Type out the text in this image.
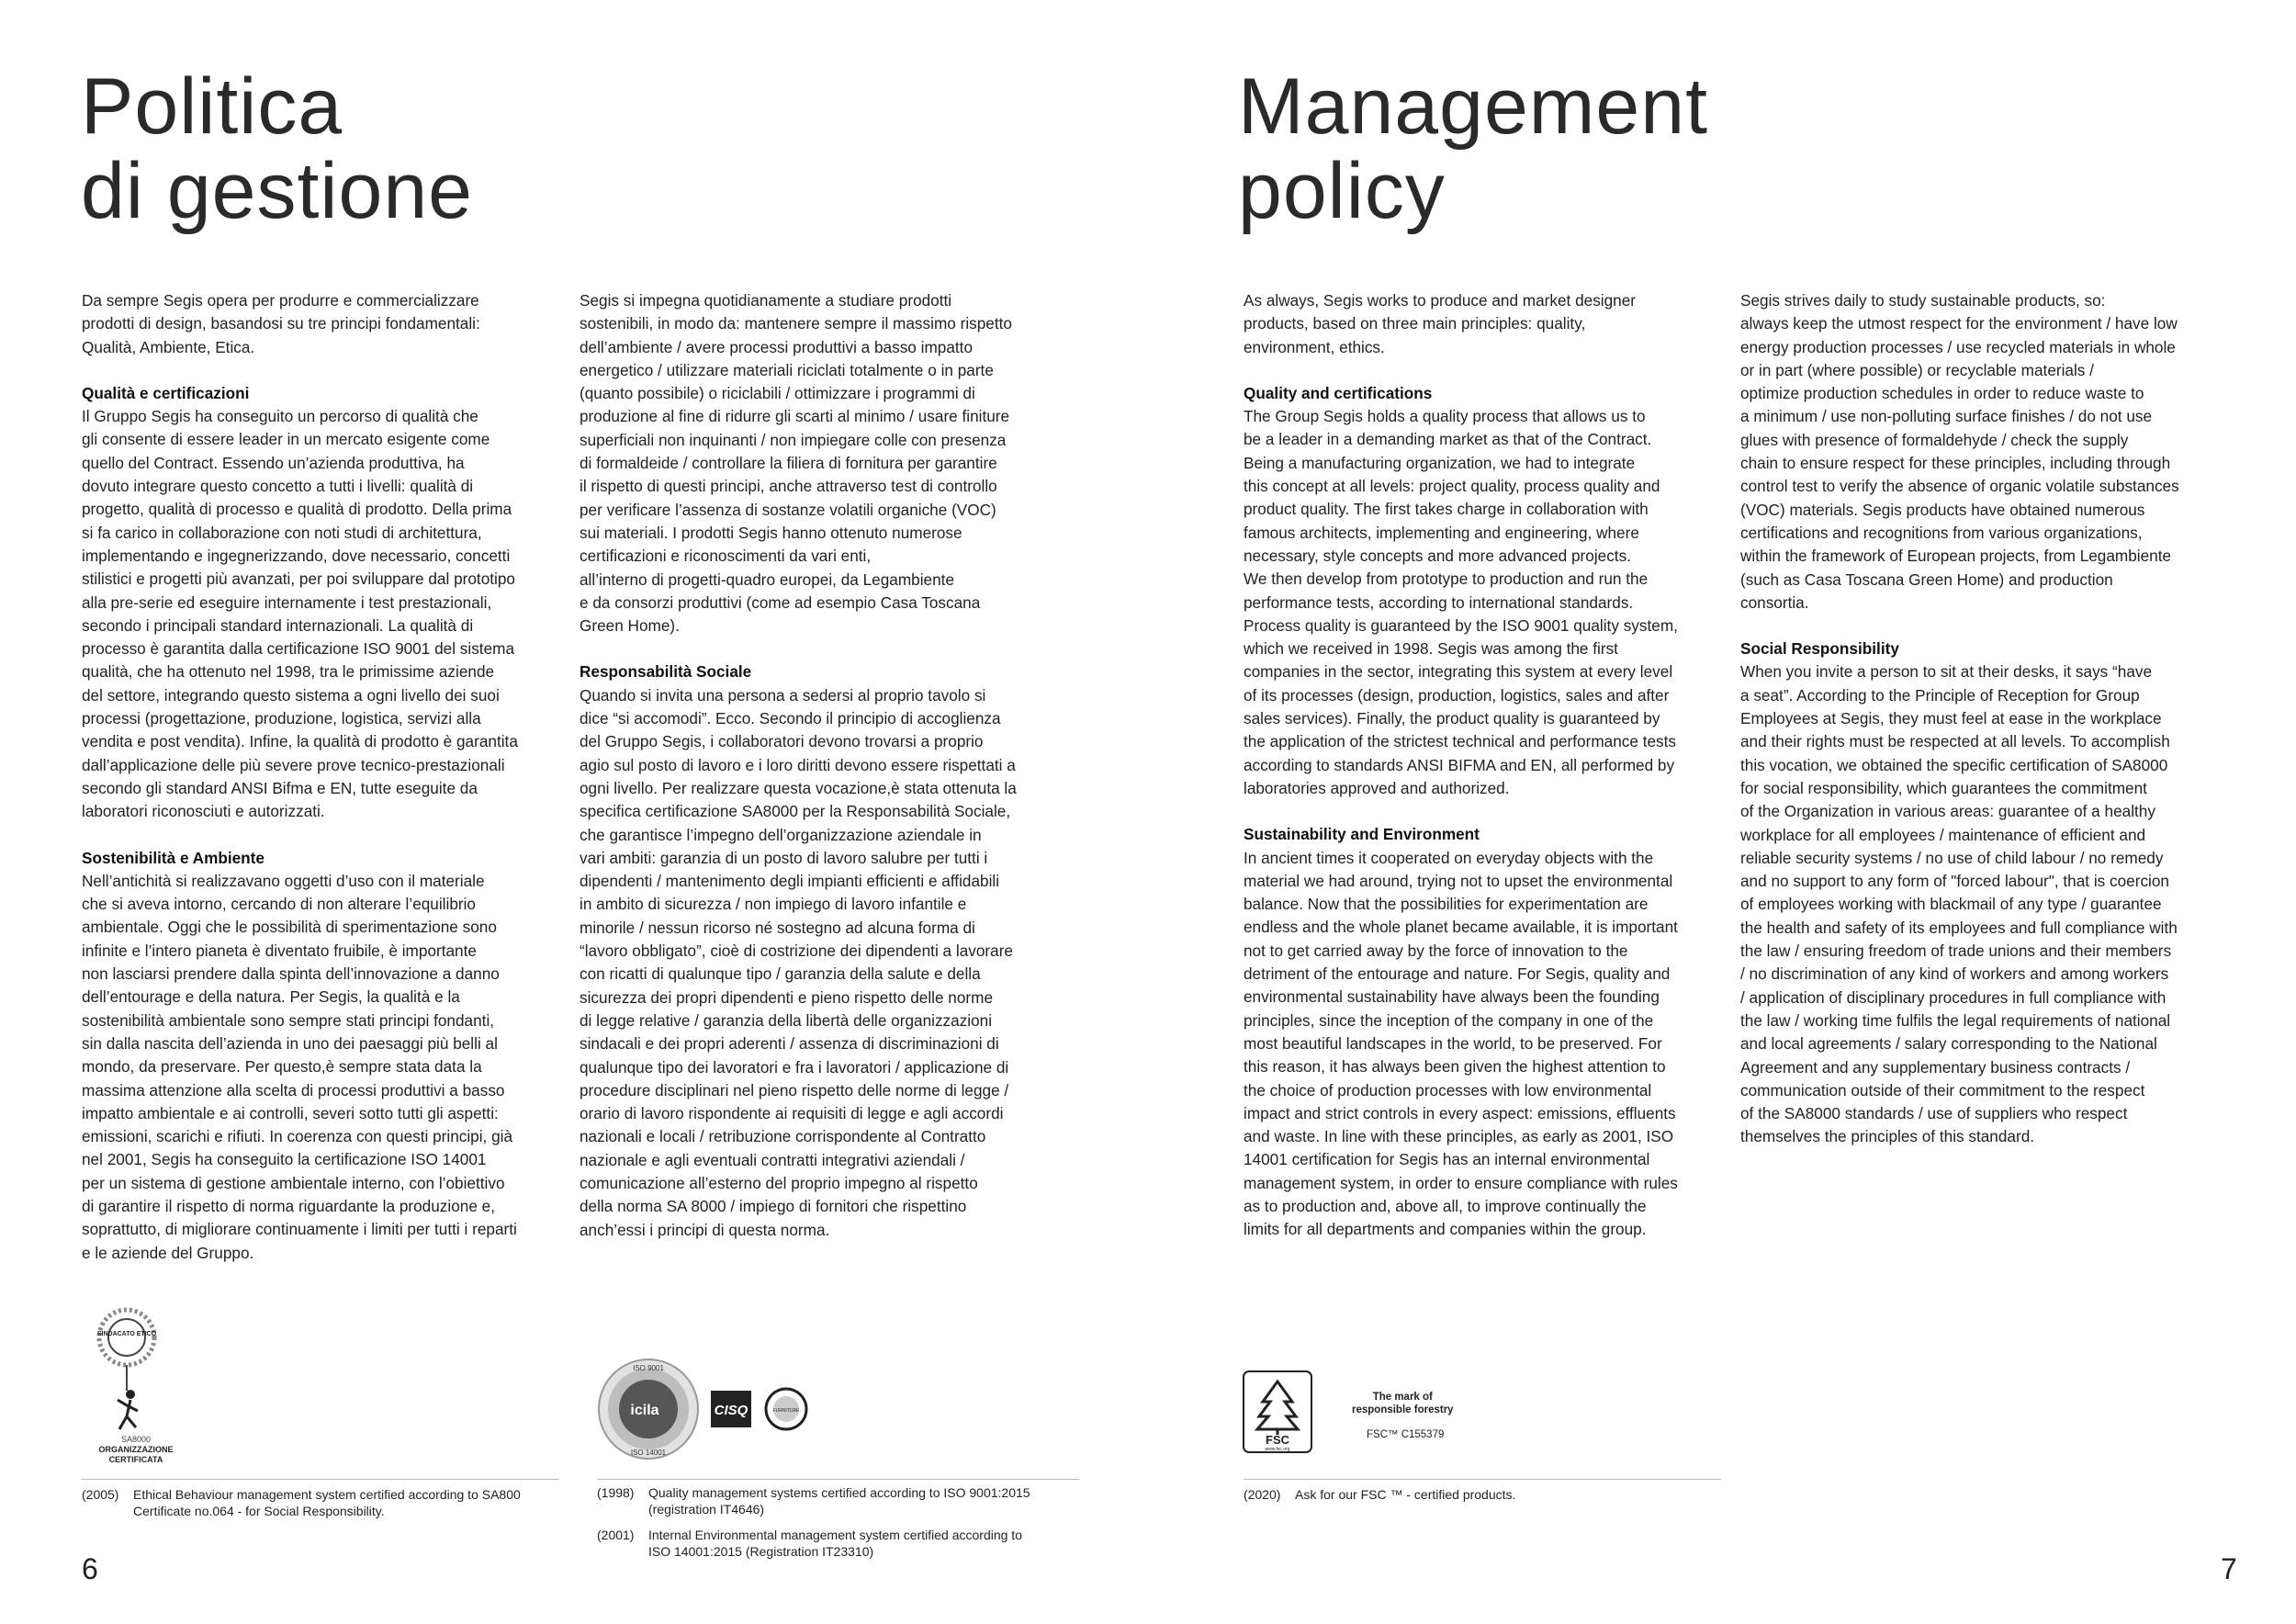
Politica
di gestione
Management
policy

Da sempre Segis opera per produrre e commercializzare
prodotti di design, basandosi su tre principi fondamentali:
Qualità, Ambiente, Etica.

Qualità e certificazioni

Il Gruppo Segis ha conseguito un percorso di qualità che
gli consente di essere leader in un mercato esigente come
quello del Contract. Essendo un’azienda produttiva, ha
dovuto integrare questo concetto a tutti i livelli: qualità di
progetto, qualità di processo e qualità di prodotto. Della prima
si fa carico in collaborazione con noti studi di architettura,
implementando e ingegnerizzando, dove necessario, concetti
stilistici e progetti più avanzati, per poi sviluppare dal prototipo
alla pre-serie ed eseguire internamente i test prestazionali,
secondo i principali standard internazionali. La qualità di
processo è garantita dalla certificazione ISO 9001 del sistema
qualità, che ha ottenuto nel 1998, tra le primissime aziende
del settore, integrando questo sistema a ogni livello dei suoi
processi (progettazione, produzione, logistica, servizi alla
vendita e post vendita). Infine, la qualità di prodotto è garantita
dall’applicazione delle più severe prove tecnico-prestazionali
secondo gli standard ANSI Bifma e EN, tutte eseguite da
laboratori riconosciuti e autorizzati.

Sostenibilità e Ambiente

Nell’antichità si realizzavano oggetti d’uso con il materiale
che si aveva intorno, cercando di non alterare l’equilibrio
ambientale. Oggi che le possibilità di sperimentazione sono
infinite e l’intero pianeta è diventato fruibile, è importante
non lasciarsi prendere dalla spinta dell’innovazione a danno
dell’entourage e della natura. Per Segis, la qualità e la
sostenibilità ambientale sono sempre stati principi fondanti,
sin dalla nascita dell’azienda in uno dei paesaggi più belli al
mondo, da preservare. Per questo,è sempre stata data la
massima attenzione alla scelta di processi produttivi a basso
impatto ambientale e ai controlli, severi sotto tutti gli aspetti:
emissioni, scarichi e rifiuti. In coerenza con questi principi, già
nel 2001, Segis ha conseguito la certificazione ISO 14001
per un sistema di gestione ambientale interno, con l’obiettivo
di garantire il rispetto di norma riguardante la produzione e,
soprattutto, di migliorare continuamente i limiti per tutti i reparti
e le aziende del Gruppo.

Segis si impegna quotidianamente a studiare prodotti
sostenibili, in modo da: mantenere sempre il massimo rispetto
dell’ambiente / avere processi produttivi a basso impatto
energetico / utilizzare materiali riciclati totalmente o in parte
(quanto possibile) o riciclabili / ottimizzare i programmi di
produzione al fine di ridurre gli scarti al minimo / usare finiture
superficiali non inquinanti / non impiegare colle con presenza
di formaldeide / controllare la filiera di fornitura per garantire
il rispetto di questi principi, anche attraverso test di controllo
per verificare l’assenza di sostanze volatili organiche (VOC)
sui materiali. I prodotti Segis hanno ottenuto numerose
certificazioni e riconoscimenti da vari enti,
all’interno di progetti-quadro europei, da Legambiente
e da consorzi produttivi (come ad esempio Casa Toscana
Green Home).

Responsabilità Sociale

Quando si invita una persona a sedersi al proprio tavolo si
dice “si accomodi”. Ecco. Secondo il principio di accoglienza
del Gruppo Segis, i collaboratori devono trovarsi a proprio
agio sul posto di lavoro e i loro diritti devono essere rispettati a
ogni livello. Per realizzare questa vocazione,è stata ottenuta la
specifica certificazione SA8000 per la Responsabilità Sociale,
che garantisce l’impegno dell’organizzazione aziendale in
vari ambiti: garanzia di un posto di lavoro salubre per tutti i
dipendenti / mantenimento degli impianti efficienti e affidabili
in ambito di sicurezza / non impiego di lavoro infantile e
minorile / nessun ricorso né sostegno ad alcuna forma di
“lavoro obbligato”, cioè di costrizione dei dipendenti a lavorare
con ricatti di qualunque tipo / garanzia della salute e della
sicurezza dei propri dipendenti e pieno rispetto delle norme
di legge relative / garanzia della libertà delle organizzazioni
sindacali e dei propri aderenti / assenza di discriminazioni di
qualunque tipo dei lavoratori e fra i lavoratori / applicazione di
procedure disciplinari nel pieno rispetto delle norme di legge /
orario di lavoro rispondente ai requisiti di legge e agli accordi
nazionali e locali / retribuzione corrispondente al Contratto
nazionale e agli eventuali contratti integrativi aziendali /
comunicazione all’esterno del proprio impegno al rispetto
della norma SA 8000 / impiego di fornitori che rispettino
anch’essi i principi di questa norma.

As always, Segis works to produce and market designer
products, based on three main principles: quality,
environment, ethics.

Quality and certifications

The Group Segis holds a quality process that allows us to
be a leader in a demanding market as that of the Contract.
Being a manufacturing organization, we had to integrate
this concept at all levels: project quality, process quality and
product quality. The first takes charge in collaboration with
famous architects, implementing and engineering, where
necessary, style concepts and more advanced projects.
We then develop from prototype to production and run the
performance tests, according to international standards.
Process quality is guaranteed by the ISO 9001 quality system,
which we received in 1998. Segis was among the first
companies in the sector, integrating this system at every level
of its processes (design, production, logistics, sales and after
sales services). Finally, the product quality is guaranteed by
the application of the strictest technical and performance tests
according to standards ANSI BIFMA and EN, all performed by
laboratories approved and authorized.

Sustainability and Environment

In ancient times it cooperated on everyday objects with the
material we had around, trying not to upset the environmental
balance. Now that the possibilities for experimentation are
endless and the whole planet became available, it is important
not to get carried away by the force of innovation to the
detriment of the entourage and nature. For Segis, quality and
environmental sustainability have always been the founding
principles, since the inception of the company in one of the
most beautiful landscapes in the world, to be preserved. For
this reason, it has always been given the highest attention to
the choice of production processes with low environmental
impact and strict controls in every aspect: emissions, effluents
and waste. In line with these principles, as early as 2001, ISO
14001 certification for Segis has an internal environmental
management system, in order to ensure compliance with rules
as to production and, above all, to improve continually the
limits for all departments and companies within the group.

Segis strives daily to study sustainable products, so:
always keep the utmost respect for the environment / have low
energy production processes / use recycled materials in whole
or in part (where possible) or recyclable materials /
optimize production schedules in order to reduce waste to
a minimum / use non-polluting surface finishes / do not use
glues with presence of formaldehyde / check the supply
chain to ensure respect for these principles, including through
control test to verify the absence of organic volatile substances
(VOC) materials. Segis products have obtained numerous
certifications and recognitions from various organizations,
within the framework of European projects, from Legambiente
(such as Casa Toscana Green Home) and production
consortia.

Social Responsibility

When you invite a person to sit at their desks, it says “have
a seat”. According to the Principle of Reception for Group
Employees at Segis, they must feel at ease in the workplace
and their rights must be respected at all levels. To accomplish
this vocation, we obtained the specific certification of SA8000
for social responsibility, which guarantees the commitment
of the Organization in various areas: guarantee of a healthy
workplace for all employees / maintenance of efficient and
reliable security systems / no use of child labour / no remedy
and no support to any form of "forced labour", that is coercion
of employees working with blackmail of any type / guarantee
the health and safety of its employees and full compliance with
the law / ensuring freedom of trade unions and their members
/ no discrimination of any kind of workers and among workers
/ application of disciplinary procedures in full compliance with
the law / working time fulfils the legal requirements of national
and local agreements / salary corresponding to the National
Agreement and any supplementary business contracts /
communication outside of their commitment to the respect
of the SA8000 standards / use of suppliers who respect
themselves the principles of this standard.

SINDACATO ETICO
SA8000
ORGANIZZAZIONE
CERTIFICATA
ISO 9001
ISO 14001
icila	CISQ	FURNITURE
FSC
www.fsc.org
The mark of
responsible forestry
FSC™ C155379
(2005)	Ethical Behaviour management system certified according to SA800
Certificate no.064 - for Social Responsibility.
(1998)	Quality management systems certified according to ISO 9001:2015
(registration IT4646)
(2001)	Internal Environmental management system certified according to
ISO 14001:2015 (Registration IT23310)
(2020)	Ask for our FSC ™ - certified products.
6	7
